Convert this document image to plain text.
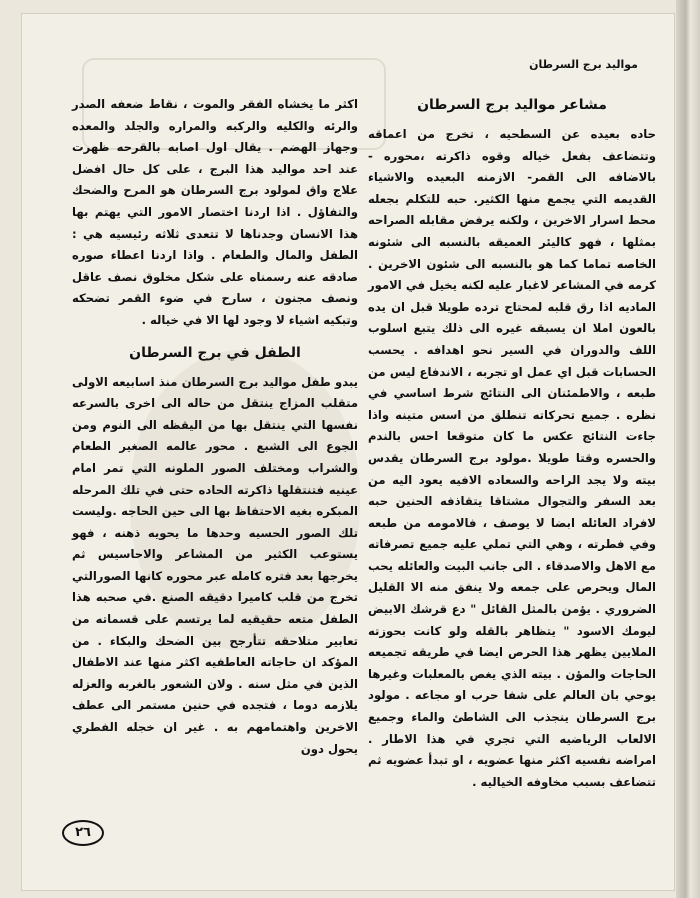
مواليد برج السرطان
مشاعر مواليد برج السرطان

حاده بعيده عن السطحيه ، تخرج من اعماقه وتتضاعف بفعل خياله وقوه ذاكرته ،محوره - بالاضافه الى القمر- الازمنه البعيده والاشياء القديمه التي يجمع منها الكثير. حبه للتكلم بجعله محط اسرار الاخرين ، ولكنه يرفض مقابله الصراحه بمثلها ، فهو كاليئر العميقه بالنسبه الى شئونه الخاصه تماما كما هو بالنسبه الى شئون الاخرين . كرمه في المشاعر لاغبار عليه لكنه يخيل في الامور الماديه اذا رق قلبه لمحتاج ترده طويلا قبل ان يده بالعون املا ان يسبقه غيره الى ذلك يتبع اسلوب اللف والدوران في السير نحو اهدافه . يحسب الحسابات قبل اي عمل او تجربه ، الاندفاع ليس من طبعه ، والاطمئنان الى النتائج شرط اساسي في نظره . جميع تحركاته تنطلق من اسس متينه واذا جاءت النتائج عكس ما كان متوقعا احس بالندم والحسره وقتا طويلا .مولود برج السرطان يقدس بيته ولا يجد الراحه والسعاده الافيه يعود اليه من بعد السفر والتجوال مشتاقا يتقاذفه الحنين حبه لافراد العائله ابضا لا يوصف ، فالامومه من طبعه وفي فطرته ، وهي التي تملي عليه جميع تصرفاته مع الاهل والاصدقاء . الى جانب البيت والعائله يحب المال ويحرص على جمعه ولا ينفق منه الا القليل الضروري . يؤمن بالمثل القائل " دع قرشك الابيض ليومك الاسود " يتظاهر بالقله ولو كانت بحوزته الملايين يظهر هذا الحرص ايضا في طريقه تجميعه الحاجات والمؤن . بيته الذي يغص بالمعلبات وغيرها يوحي بان العالم على شفا حرب او مجاعه . مولود برج السرطان ينجذب الى الشاطئ والماء وجميع الالعاب الرياضيه التي تجري في هذا الاطار . امراضه نفسيه اكثر منها عضويه ، او تبدأ عضويه ثم تتضاعف بسبب مخاوفه الخياليه .

اكثر ما يخشاه الفقر والموت ، نقاط ضعفه الصدر والرئه والكليه والركبه والمراره والجلد والمعده وجهاز الهضم . يقال اول اصابه بالقرحه ظهرت عند احد مواليد هذا البرج ، على كل حال افضل علاج واق لمولود برج السرطان هو المرح والضحك والتفاؤل . اذا اردنا اختصار الامور التي يهتم بها هذا الانسان وجدناها لا تتعدى ثلاثه رئيسيه هي : الطفل والمال والطعام . واذا اردنا اعطاء صوره صادقه عنه رسمناه على شكل مخلوق نصف عاقل ونصف مجنون ، سارح في ضوء القمر تضحكه وتبكيه اشياء لا وجود لها الا في خياله .

الطفل في برج السرطان

يبدو طفل مواليد برج السرطان منذ اسابيعه الاولى متقلب المزاج ينتقل من حاله الى اخرى بالسرعه نفسها التي ينتقل بها من اليقظه الى النوم ومن الجوع الى الشبع . محور عالمه الصغير الطعام والشراب ومختلف الصور الملونه التي تمر امام عينيه فتنتقلها ذاكرته الحاده حتى في تلك المرحله المبكره بغيه الاحتفاظ بها الى حين الحاجه .وليست تلك الصور الحسيه وحدها ما يحويه ذهنه ، فهو يستوعب الكثير من المشاعر والاحاسيس ثم يخرجها بعد فتره كامله عبر محوره كانها الصورالتي تخرج من قلب كاميرا دقيقه الصنع .في صحبه هذا الطفل متعه حقيقيه لما يرتسم على قسماته من تعابير متلاحقه تتأرجح بين الضحك والبكاء . من المؤكد ان حاجاته العاطفيه اكثر منها عند الاطفال الذين في مثل سنه . ولان الشعور بالغربه والعزله يلازمه دوما ، فتجده في حنين مستمر الى عطف الاخرين واهتمامهم به . غير ان خجله الفطري يحول دون

٢٦
